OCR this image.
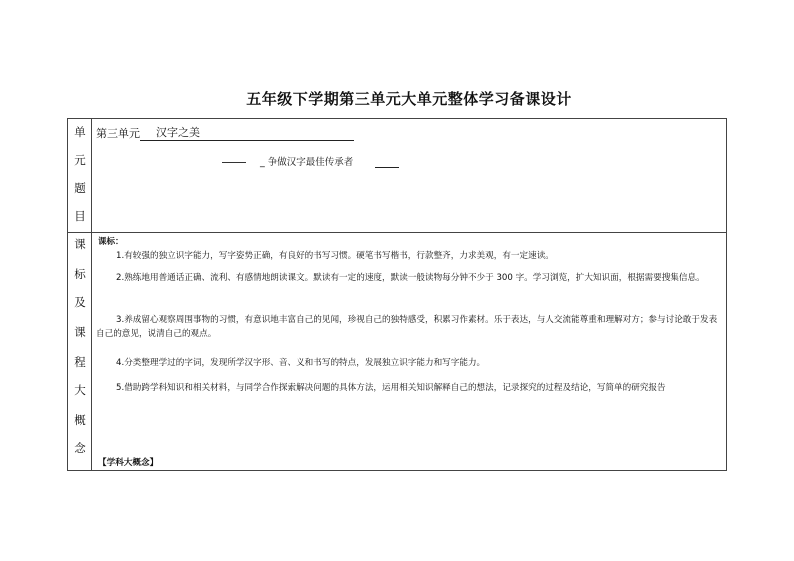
五年级下学期第三单元大单元整体学习备课设计
单
元
题
目
第三单元 汉字之美
_ 争做汉字最佳传承者
课
标
及
课
程
大
概
念
课标：
1.有较强的独立识字能力，写字姿势正确，有良好的书写习惯。硬笔书写楷书，行款整齐，力求美观，有一定速读。
2.熟练地用普通话正确、流利、有感情地朗读课文。默读有一定的速度，默读一般读物每分钟不少于 300 字。学习浏览，扩大知识面，根据需要搜集信息。
3.养成留心观察周围事物的习惯，有意识地丰富自己的见闻，珍视自己的独特感受，积累习作素材。乐于表达，与人交流能尊重和理解对方；参与讨论敢于发表自己的意见，说清自己的观点。
4.分类整理学过的字词，发现所学汉字形、音、义和书写的特点，发展独立识字能力和写字能力。
5.借助跨学科知识和相关材料，与同学合作探索解决问题的具体方法，运用相关知识解释自己的想法，记录探究的过程及结论，写简单的研究报告
【学科大概念】
